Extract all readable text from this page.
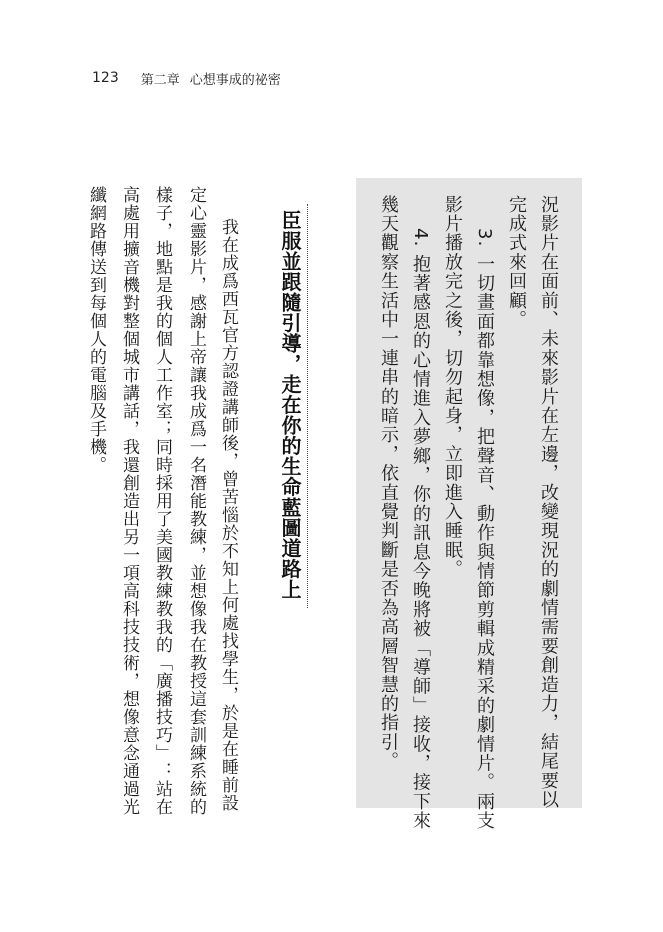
123 第二章 心想事成的祕密
況影片在面前、未來影片在左邊，改變現況的劇情需要創造力，結尾要以
完成式來回顧。
3. 一切畫面都靠想像，把聲音、動作與情節剪輯成精采的劇情片。兩支
影片播放完之後，切勿起身，立即進入睡眠。
4. 抱著感恩的心情進入夢鄉，你的訊息今晚將被「導師」接收，接下來
幾天觀察生活中一連串的暗示，依直覺判斷是否為高層智慧的指引。
臣服並跟隨引導，走在你的生命藍圖道路上
我在成爲西瓦官方認證講師後，曾苦惱於不知上何處找學生，於是在睡前設
定心靈影片，感謝上帝讓我成爲一名潛能教練，並想像我在教授這套訓練系統的
樣子，地點是我的個人工作室；同時採用了美國教練教我的「廣播技巧」：站在
高處用擴音機對整個城市講話，我還創造出另一項高科技技術，想像意念通過光
纖網路傳送到每個人的電腦及手機。
